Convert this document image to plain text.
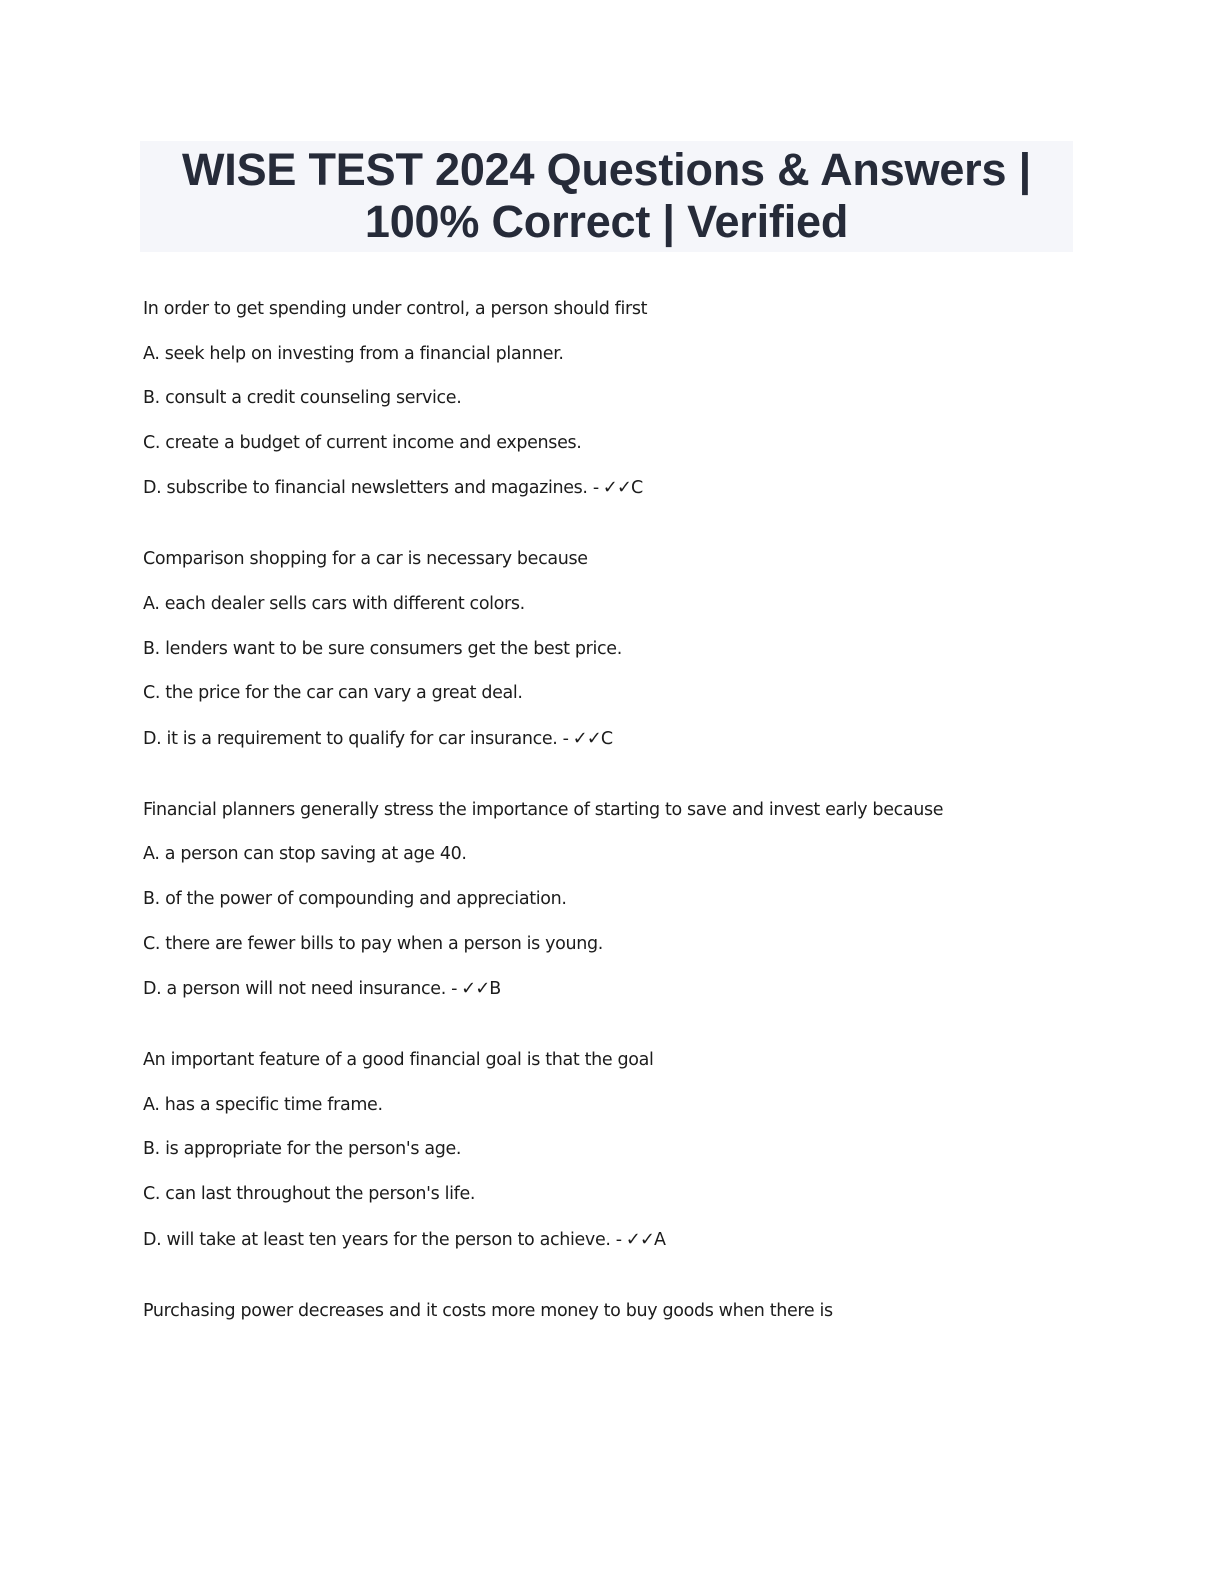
WISE TEST 2024 Questions & Answers |
100% Correct | Verified
In order to get spending under control, a person should first
A. seek help on investing from a financial planner.
B. consult a credit counseling service.
C. create a budget of current income and expenses.
D. subscribe to financial newsletters and magazines. - ✓✓C
Comparison shopping for a car is necessary because
A. each dealer sells cars with different colors.
B. lenders want to be sure consumers get the best price.
C. the price for the car can vary a great deal.
D. it is a requirement to qualify for car insurance. - ✓✓C
Financial planners generally stress the importance of starting to save and invest early because
A. a person can stop saving at age 40.
B. of the power of compounding and appreciation.
C. there are fewer bills to pay when a person is young.
D. a person will not need insurance. - ✓✓B
An important feature of a good financial goal is that the goal
A. has a specific time frame.
B. is appropriate for the person's age.
C. can last throughout the person's life.
D. will take at least ten years for the person to achieve. - ✓✓A
Purchasing power decreases and it costs more money to buy goods when there is
